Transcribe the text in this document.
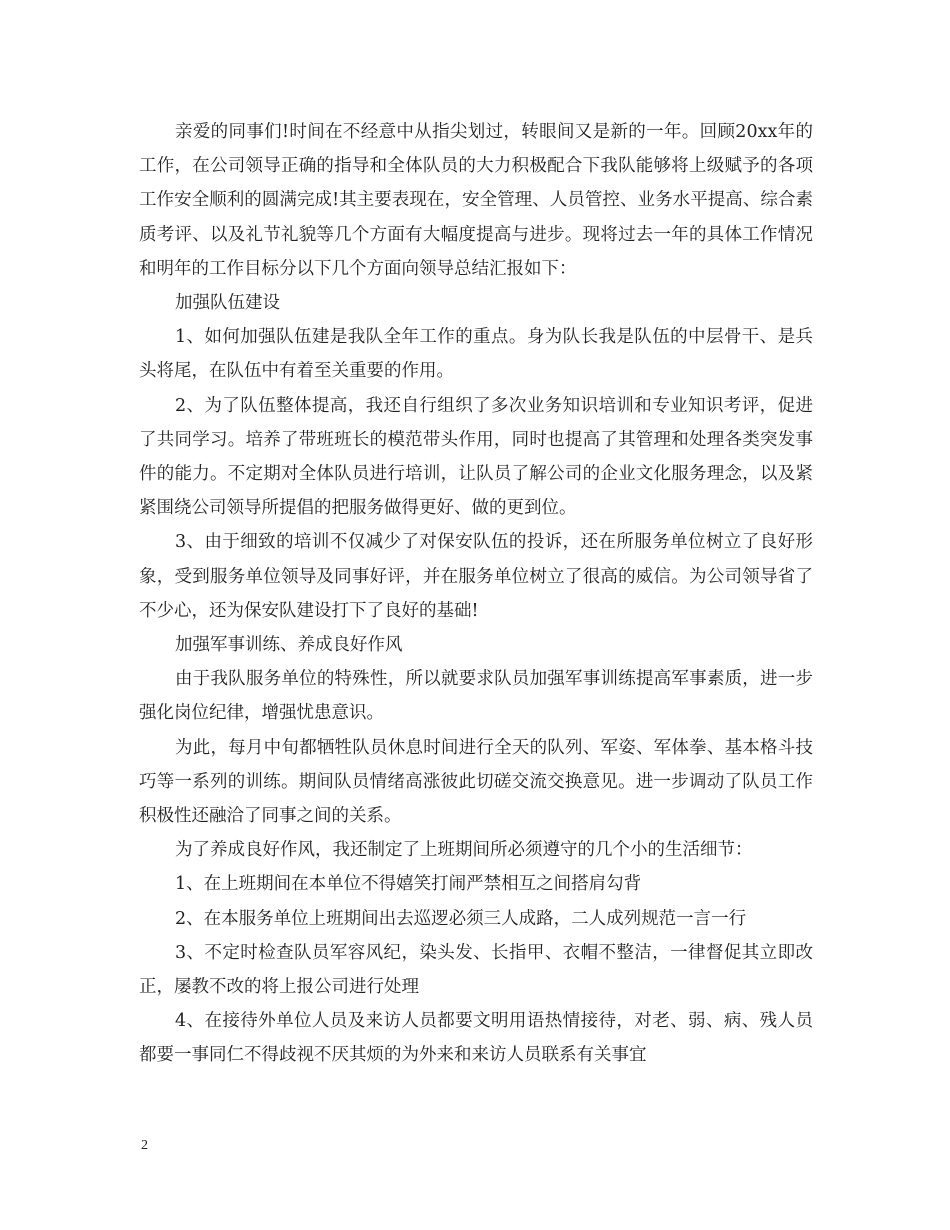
亲爱的同事们!时间在不经意中从指尖划过，转眼间又是新的一年。回顾20xx年的工作，在公司领导正确的指导和全体队员的大力积极配合下我队能够将上级赋予的各项工作安全顺利的圆满完成!其主要表现在，安全管理、人员管控、业务水平提高、综合素质考评、以及礼节礼貌等几个方面有大幅度提高与进步。现将过去一年的具体工作情况和明年的工作目标分以下几个方面向领导总结汇报如下：

加强队伍建设

1、如何加强队伍建是我队全年工作的重点。身为队长我是队伍的中层骨干、是兵头将尾，在队伍中有着至关重要的作用。

2、为了队伍整体提高，我还自行组织了多次业务知识培训和专业知识考评，促进了共同学习。培养了带班班长的模范带头作用，同时也提高了其管理和处理各类突发事件的能力。不定期对全体队员进行培训，让队员了解公司的企业文化服务理念，以及紧紧围绕公司领导所提倡的把服务做得更好、做的更到位。

3、由于细致的培训不仅减少了对保安队伍的投诉，还在所服务单位树立了良好形象，受到服务单位领导及同事好评，并在服务单位树立了很高的威信。为公司领导省了不少心，还为保安队建设打下了良好的基础!

加强军事训练、养成良好作风

由于我队服务单位的特殊性，所以就要求队员加强军事训练提高军事素质，进一步强化岗位纪律，增强忧患意识。

为此，每月中旬都牺牲队员休息时间进行全天的队列、军姿、军体拳、基本格斗技巧等一系列的训练。期间队员情绪高涨彼此切磋交流交换意见。进一步调动了队员工作积极性还融洽了同事之间的关系。

为了养成良好作风，我还制定了上班期间所必须遵守的几个小的生活细节：

1、在上班期间在本单位不得嬉笑打闹严禁相互之间搭肩勾背

2、在本服务单位上班期间出去巡逻必须三人成路，二人成列规范一言一行

3、不定时检查队员军容风纪，染头发、长指甲、衣帽不整洁，一律督促其立即改正，屡教不改的将上报公司进行处理

4、在接待外单位人员及来访人员都要文明用语热情接待，对老、弱、病、残人员都要一事同仁不得歧视不厌其烦的为外来和来访人员联系有关事宜

2
